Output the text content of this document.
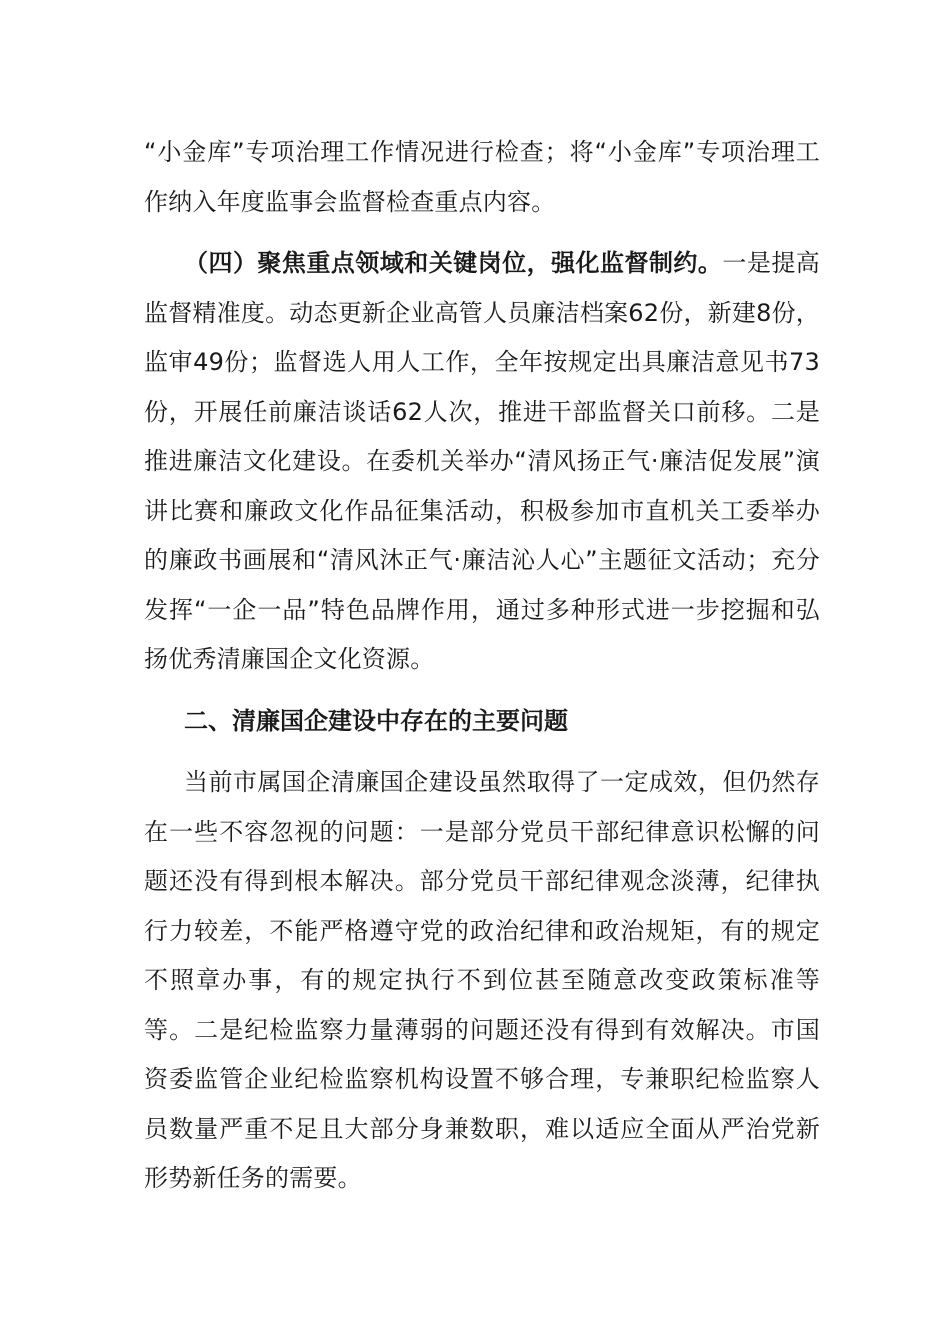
“小金库”专项治理工作情况进行检查；将“小金库”专项治理工作纳入年度监事会监督检查重点内容。

（四）聚焦重点领域和关键岗位，强化监督制约。一是提高监督精准度。动态更新企业高管人员廉洁档案62份，新建8份，监审49份；监督选人用人工作，全年按规定出具廉洁意见书73份，开展任前廉洁谈话62人次，推进干部监督关口前移。二是推进廉洁文化建设。在委机关举办“清风扬正气·廉洁促发展”演讲比赛和廉政文化作品征集活动，积极参加市直机关工委举办的廉政书画展和“清风沐正气·廉洁沁人心”主题征文活动；充分发挥“一企一品”特色品牌作用，通过多种形式进一步挖掘和弘扬优秀清廉国企文化资源。

二、清廉国企建设中存在的主要问题

当前市属国企清廉国企建设虽然取得了一定成效，但仍然存在一些不容忽视的问题：一是部分党员干部纪律意识松懈的问题还没有得到根本解决。部分党员干部纪律观念淡薄，纪律执行力较差，不能严格遵守党的政治纪律和政治规矩，有的规定不照章办事，有的规定执行不到位甚至随意改变政策标准等等。二是纪检监察力量薄弱的问题还没有得到有效解决。市国资委监管企业纪检监察机构设置不够合理，专兼职纪检监察人员数量严重不足且大部分身兼数职，难以适应全面从严治党新形势新任务的需要。
